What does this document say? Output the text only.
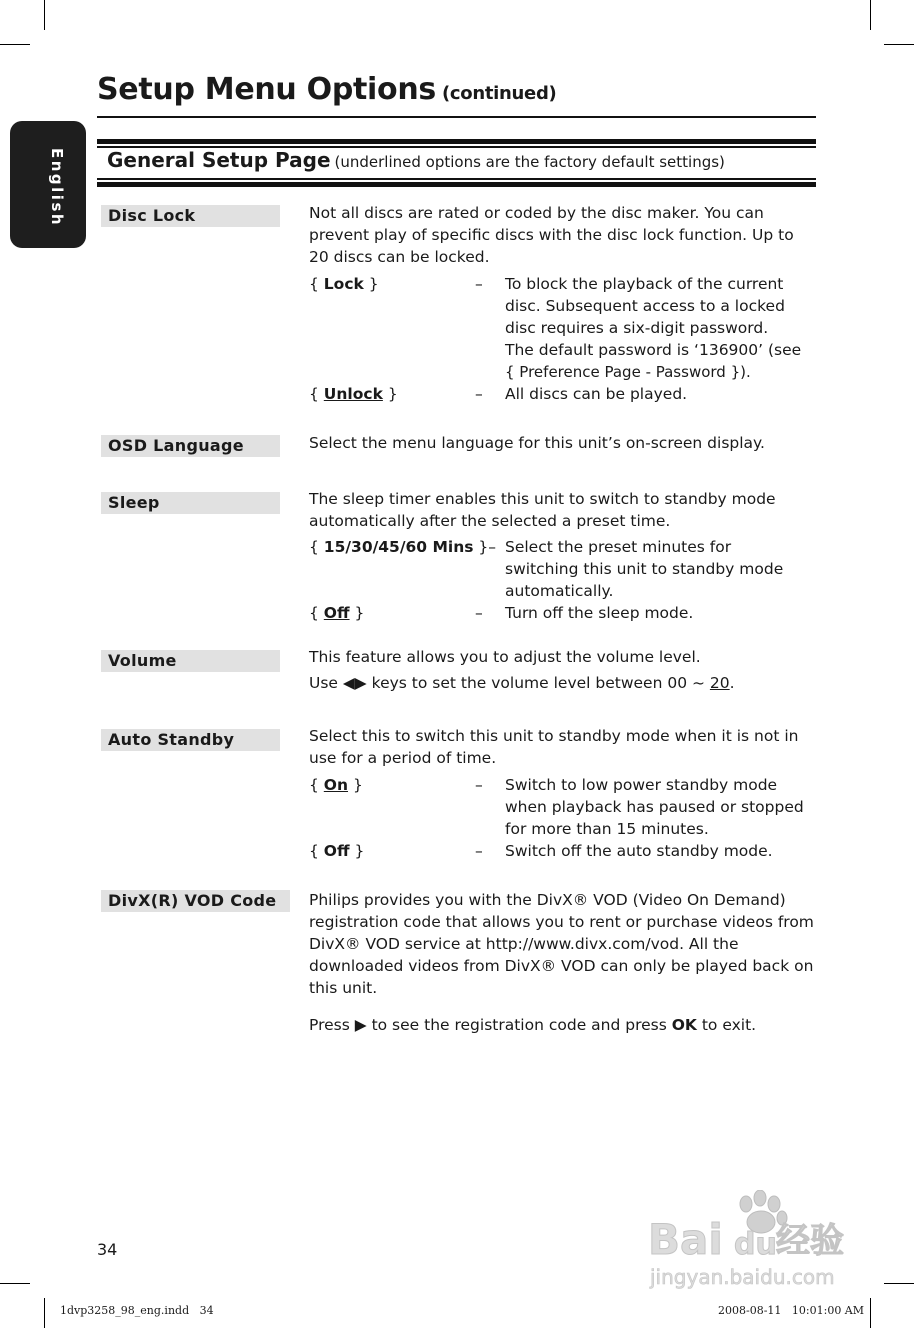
English
Setup Menu Options (continued)
General Setup Page (underlined options are the factory default settings)
Disc Lock	Not all discs are rated or coded by the disc maker. You can prevent play of specific discs with the disc lock function. Up to 20 discs can be locked.
{ Lock }	– To block the playback of the current disc. Subsequent access to a locked disc requires a six-digit password.
The default password is ‘136900’ (see
{ Preference Page - Password }).
{ Unlock }	– All discs can be played.
OSD Language	Select the menu language for this unit’s on-screen display.
Sleep	The sleep timer enables this unit to switch to standby mode automatically after the selected a preset time.
{ 15/30/45/60 Mins }– Select the preset minutes for switching this unit to standby mode automatically.
{ Off }	– Turn off the sleep mode.
Volume	This feature allows you to adjust the volume level.
Use ◀▶ keys to set the volume level between 00 ~ 20.
Auto Standby	Select this to switch this unit to standby mode when it is not in use for a period of time.
{ On }	– Switch to low power standby mode when playback has paused or stopped for more than 15 minutes.
{ Off }	– Switch off the auto standby mode.
DivX(R) VOD Code	Philips provides you with the DivX® VOD (Video On Demand) registration code that allows you to rent or purchase videos from DivX® VOD service at http://www.divx.com/vod. All the downloaded videos from DivX® VOD can only be played back on this unit.
Press ▶ to see the registration code and press OK to exit.
34	Bai du 经验
jingyan.baidu.com
1dvp3258_98_eng.indd   34	2008-08-11   10:01:00 AM
